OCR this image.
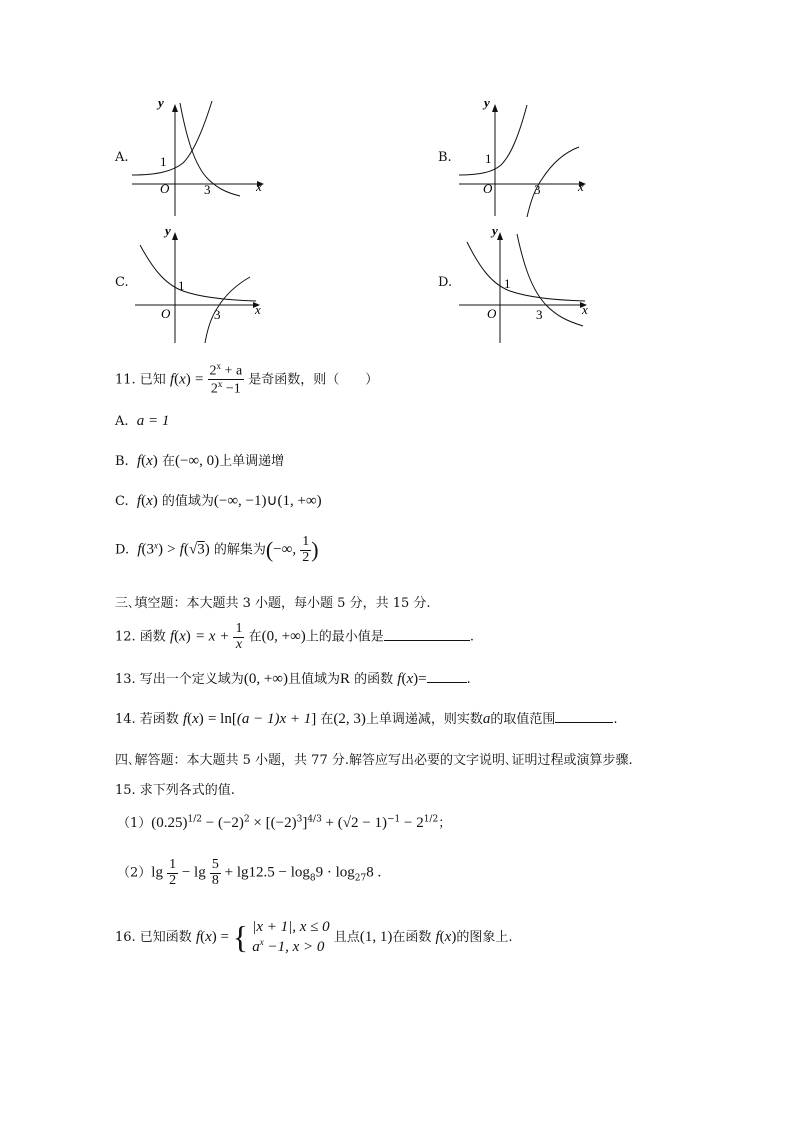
A.
y
1
O	3	x
B.
y
1
O	3	x
C.
y
1
O	3	x
D.
y
1
O	3	x
11. 已知 $f(x) = \frac{2^x + a}{2^x -1}$ 是奇函数，则（　　）
A. a = 1
B. f(x) 在(−∞, 0)上单调递增
C. f(x) 的值域为(−∞, −1)∪(1, +∞)
D. $f(3^x) > f(√3)$ 的解集为(−∞, $\frac{1}{2}$ )
三､填空题：本大题共 3 小题，每小题 5 分，共 15 分.
12. 函数 $f(x) = x + \frac{1}{x}$ 在(0, +∞)上的最小值是	.
13. 写出一个定义域为(0, +∞)且值域为R 的函数 f(x)=	.
14. 若函数 f(x) = ln[(a − 1)x + 1] 在(2, 3)上单调递减，则实数a的取值范围	.
四､解答题：本大题共 5 小题，共 77 分.解答应写出必要的文字说明､证明过程或演算步骤.
15. 求下列各式的值.
$(1)(0.25)^{1/2} - (-2)^2 \times [(-2)^3]^{4/3} + (√2 - 1)^{-1} - 2^{1/2}$；
$(2)\lg \frac{1}{2} - \lg \frac{5}{8} + \lg 12.5 - \log_89 \cdot \log_{27}8$ .
16. 已知函数 f(x) = { |x + 1|, x ≤ 0
$a^x -1$, x > 0
且点(1, 1)在函数 f(x)的图象上.
